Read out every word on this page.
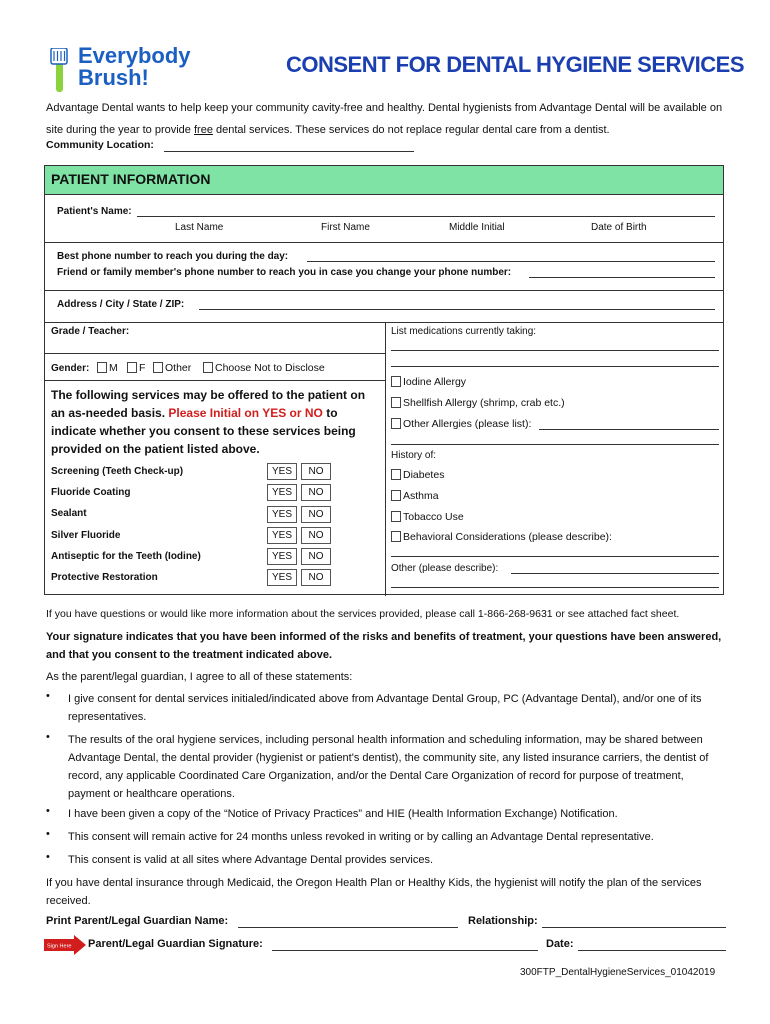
Everybody
Brush!
CONSENT FOR DENTAL HYGIENE SERVICES
Advantage Dental wants to help keep your community cavity-free and healthy. Dental hygienists from Advantage Dental will be available on site during the year to provide free dental services. These services do not replace regular dental care from a dentist.
Community Location:
PATIENT INFORMATION
Patient's Name:
Last Name	First Name	Middle Initial	Date of Birth
Best phone number to reach you during the day:
Friend or family member's phone number to reach you in case you change your phone number:
Address / City / State / ZIP:
Grade / Teacher:	List medications currently taking:
Gender:	M	F	Other	Choose Not to Disclose
Iodine Allergy
Shellfish Allergy (shrimp, crab etc.)
Other Allergies (please list):
History of:
Diabetes
Asthma
Tobacco Use
Behavioral Considerations (please describe):
Other (please describe):
The following services may be offered to the patient on an as-needed basis. Please Initial on YES or NO to indicate whether you consent to these services being provided on the patient listed above.
Screening (Teeth Check-up)	YES	NO
Fluoride Coating	YES	NO
Sealant	YES	NO
Silver Fluoride	YES	NO
Antiseptic for the Teeth (Iodine)	YES	NO
Protective Restoration	YES	NO
If you have questions or would like more information about the services provided, please call 1-866-268-9631 or see attached fact sheet.
Your signature indicates that you have been informed of the risks and benefits of treatment, your questions have been answered, and that you consent to the treatment indicated above.
As the parent/legal guardian, I agree to all of these statements:
• I give consent for dental services initialed/indicated above from Advantage Dental Group, PC (Advantage Dental), and/or one of its representatives.
• The results of the oral hygiene services, including personal health information and scheduling information, may be shared between Advantage Dental, the dental provider (hygienist or patient's dentist), the community site, any listed insurance carriers, the dentist of record, any applicable Coordinated Care Organization, and/or the Dental Care Organization of record for purpose of treatment, payment or healthcare operations.
• I have been given a copy of the “Notice of Privacy Practices” and HIE (Health Information Exchange) Notification.
• This consent will remain active for 24 months unless revoked in writing or by calling an Advantage Dental representative.
• This consent is valid at all sites where Advantage Dental provides services.
If you have dental insurance through Medicaid, the Oregon Health Plan or Healthy Kids, the hygienist will notify the plan of the services received.
Print Parent/Legal Guardian Name:	Relationship:
Sign Here Parent/Legal Guardian Signature:	Date:
300FTP_DentalHygieneServices_01042019
